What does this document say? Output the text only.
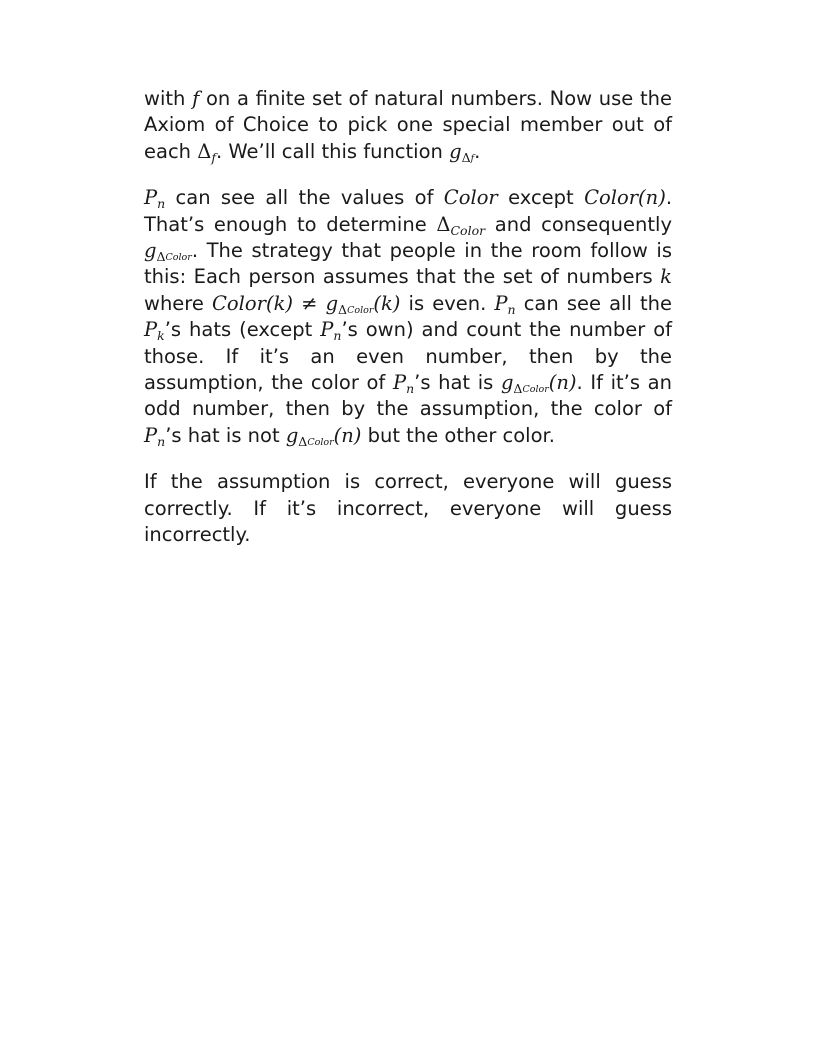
with f on a finite set of natural numbers. Now use the Axiom of Choice to pick one special member out of each $\Delta_f$. We’ll call this function $g_\Delta f$.

$P_n$ can see all the values of Color except Color(n). That’s enough to determine $\Delta_{Color}$ and consequently $g_\Delta Color$. The strategy that people in the room follow is this: Each person assumes that the set of numbers k where Color(k) ≠ $g_\Delta Color(k)$ is even. $P_n$ can see all the $P_k’s$ hats (except $P_n’s$ own) and count the number of those. If it’s an even number, then by the assumption, the color of $P_n’s$ hat is $g_\Delta Color(n)$. If it’s an odd number, then by the assumption, the color of $P_n’s$ hat is not $g_\Delta Color(n)$ but the other color.

If the assumption is correct, everyone will guess correctly. If it’s incorrect, everyone will guess incorrectly.
